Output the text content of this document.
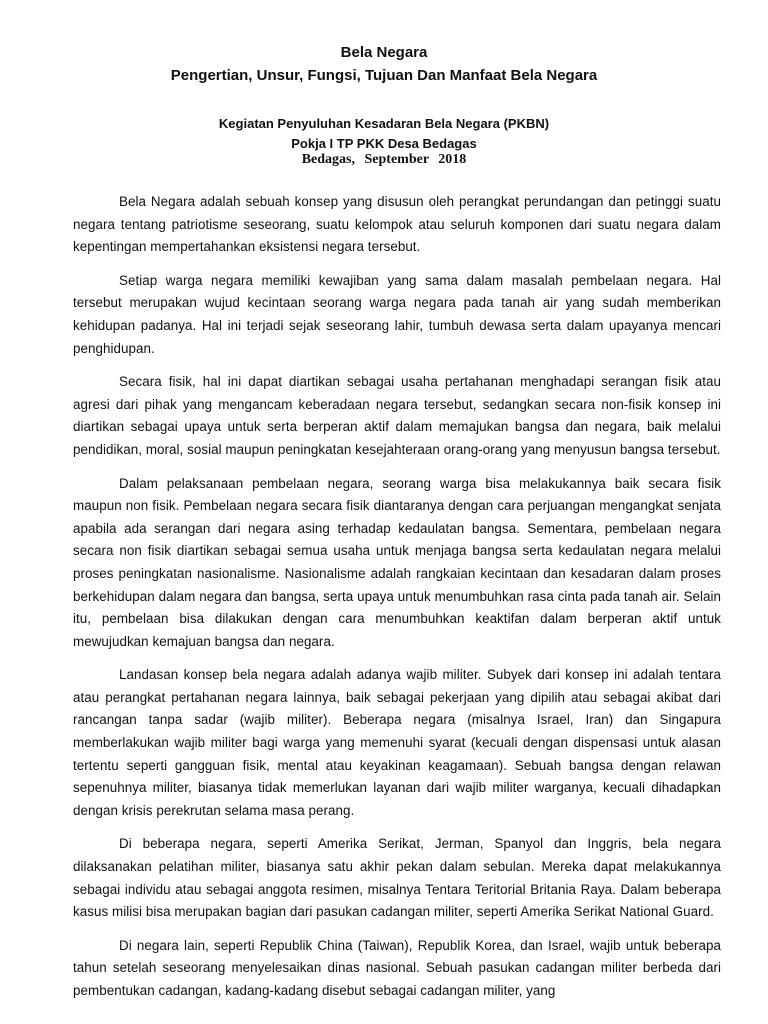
Bela Negara
Pengertian, Unsur, Fungsi, Tujuan Dan Manfaat Bela Negara
Kegiatan Penyuluhan Kesadaran Bela Negara (PKBN)
Pokja I TP PKK Desa Bedagas
Bedagas, September 2018

Bela Negara adalah sebuah konsep yang disusun oleh perangkat perundangan dan petinggi suatu negara tentang patriotisme seseorang, suatu kelompok atau seluruh komponen dari suatu negara dalam kepentingan mempertahankan eksistensi negara tersebut.

Setiap warga negara memiliki kewajiban yang sama dalam masalah pembelaan negara. Hal tersebut merupakan wujud kecintaan seorang warga negara pada tanah air yang sudah memberikan kehidupan padanya. Hal ini terjadi sejak seseorang lahir, tumbuh dewasa serta dalam upayanya mencari penghidupan.

Secara fisik, hal ini dapat diartikan sebagai usaha pertahanan menghadapi serangan fisik atau agresi dari pihak yang mengancam keberadaan negara tersebut, sedangkan secara non-fisik konsep ini diartikan sebagai upaya untuk serta berperan aktif dalam memajukan bangsa dan negara, baik melalui pendidikan, moral, sosial maupun peningkatan kesejahteraan orang-orang yang menyusun bangsa tersebut.

Dalam pelaksanaan pembelaan negara, seorang warga bisa melakukannya baik secara fisik maupun non fisik. Pembelaan negara secara fisik diantaranya dengan cara perjuangan mengangkat senjata apabila ada serangan dari negara asing terhadap kedaulatan bangsa. Sementara, pembelaan negara secara non fisik diartikan sebagai semua usaha untuk menjaga bangsa serta kedaulatan negara melalui proses peningkatan nasionalisme. Nasionalisme adalah rangkaian kecintaan dan kesadaran dalam proses berkehidupan dalam negara dan bangsa, serta upaya untuk menumbuhkan rasa cinta pada tanah air. Selain itu, pembelaan bisa dilakukan dengan cara menumbuhkan keaktifan dalam berperan aktif untuk mewujudkan kemajuan bangsa dan negara.

Landasan konsep bela negara adalah adanya wajib militer. Subyek dari konsep ini adalah tentara atau perangkat pertahanan negara lainnya, baik sebagai pekerjaan yang dipilih atau sebagai akibat dari rancangan tanpa sadar (wajib militer). Beberapa negara (misalnya Israel, Iran) dan Singapura memberlakukan wajib militer bagi warga yang memenuhi syarat (kecuali dengan dispensasi untuk alasan tertentu seperti gangguan fisik, mental atau keyakinan keagamaan). Sebuah bangsa dengan relawan sepenuhnya militer, biasanya tidak memerlukan layanan dari wajib militer warganya, kecuali dihadapkan dengan krisis perekrutan selama masa perang.

Di beberapa negara, seperti Amerika Serikat, Jerman, Spanyol dan Inggris, bela negara dilaksanakan pelatihan militer, biasanya satu akhir pekan dalam sebulan. Mereka dapat melakukannya sebagai individu atau sebagai anggota resimen, misalnya Tentara Teritorial Britania Raya. Dalam beberapa kasus milisi bisa merupakan bagian dari pasukan cadangan militer, seperti Amerika Serikat National Guard.

Di negara lain, seperti Republik China (Taiwan), Republik Korea, dan Israel, wajib untuk beberapa tahun setelah seseorang menyelesaikan dinas nasional. Sebuah pasukan cadangan militer berbeda dari pembentukan cadangan, kadang-kadang disebut sebagai cadangan militer, yang
